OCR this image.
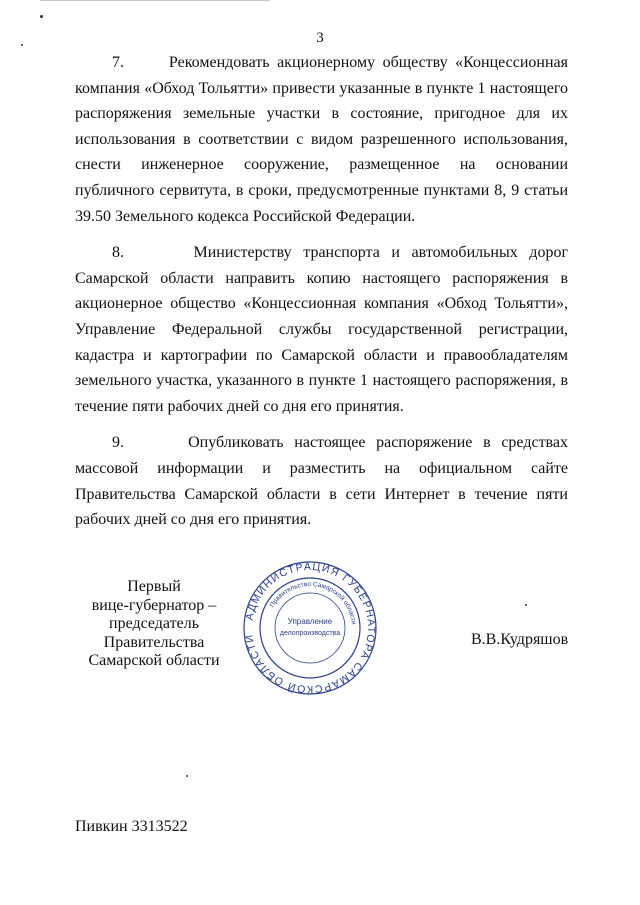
3

7.	Рекомендовать акционерному обществу «Концессионная компания «Обход Тольятти» привести указанные в пункте 1 настоящего распоряжения земельные участки в состояние, пригодное для их использования в соответствии с видом разрешенного использования, снести инженерное сооружение, размещенное на основании публичного сервитута, в сроки, предусмотренные пунктами 8, 9 статьи 39.50 Земельного кодекса Российской Федерации.

8.	Министерству транспорта и автомобильных дорог Самарской области направить копию настоящего распоряжения в акционерное общество «Концессионная компания «Обход Тольятти», Управление Федеральной службы государственной регистрации, кадастра и картографии по Самарской области и правообладателям земельного участка, указанного в пункте 1 настоящего распоряжения, в течение пяти рабочих дней со дня его принятия.

9.	Опубликовать настоящее распоряжение в средствах массовой информации и разместить на официальном сайте Правительства Самарской области в сети Интернет в течение пяти рабочих дней со дня его принятия.

Первый
вице-губернатор –
председатель Правительства
Самарской области
АДМИНИСТРАЦИЯ ГУБЕРНАТОРА САМАРСКОЙ ОБЛАСТИ
Правительство Самарской области
Управление
делопроизводства	В.В.Кудряшов
Пивкин 3313522
